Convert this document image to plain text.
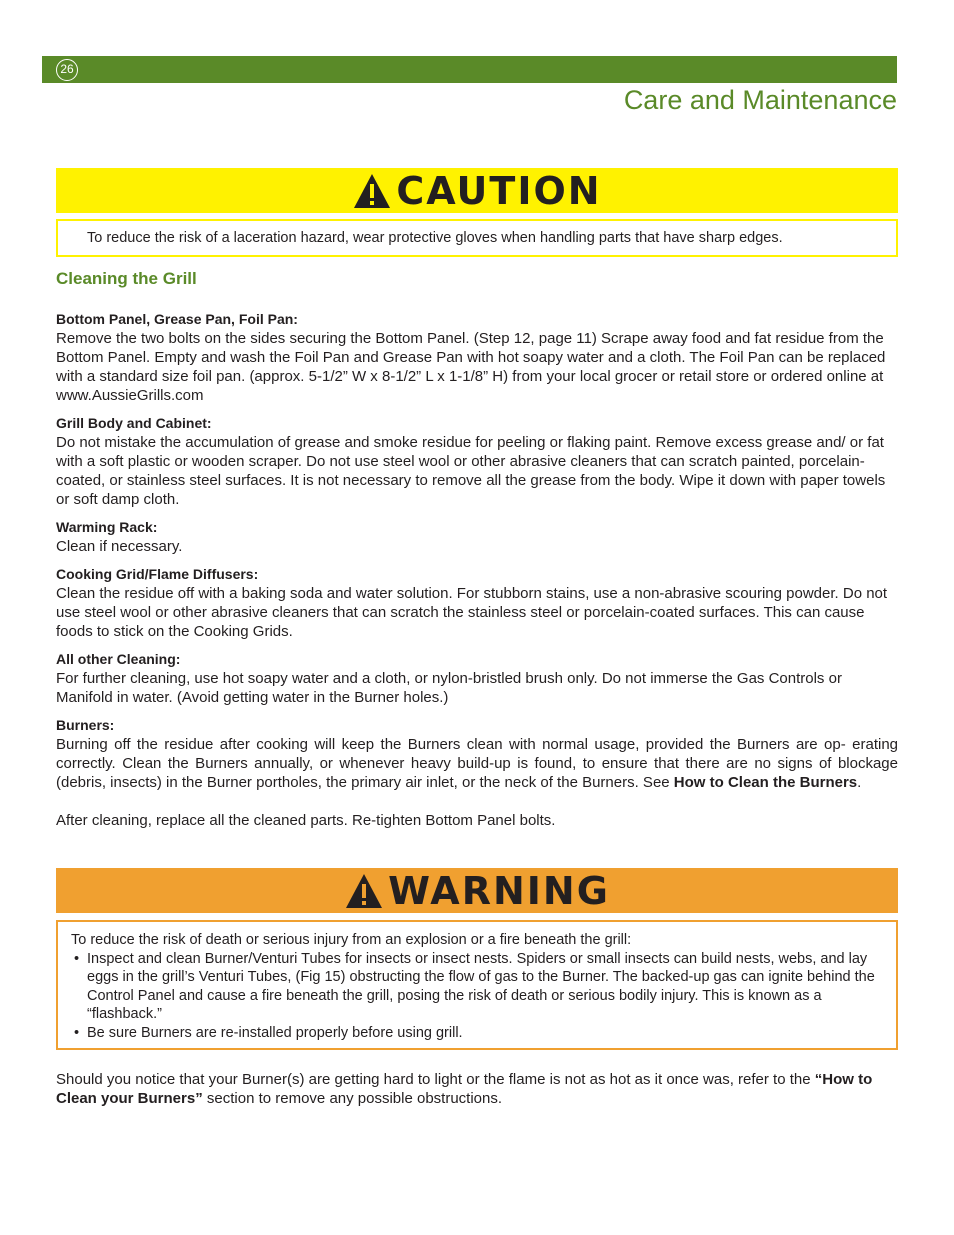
26
Care and Maintenance
CAUTION
To reduce the risk of a laceration hazard, wear protective gloves when handling parts that have sharp edges.
Cleaning the Grill
Bottom Panel, Grease Pan, Foil Pan:
Remove the two bolts on the sides securing the Bottom Panel. (Step 12, page 11) Scrape away food and fat residue from the Bottom Panel. Empty and wash the Foil Pan and Grease Pan with hot soapy water and a cloth. The Foil Pan can be replaced with a standard size foil pan. (approx. 5-1/2” W x 8-1/2” L x 1-1/8” H) from your local grocer or retail store or ordered online at www.AussieGrills.com
Grill Body and Cabinet:
Do not mistake the accumulation of grease and smoke residue for peeling or flaking paint. Remove excess grease and/ or fat with a soft plastic or wooden scraper. Do not use steel wool or other abrasive cleaners that can scratch painted, porcelain-coated, or stainless steel surfaces. It is not necessary to remove all the grease from the body. Wipe it down with paper towels or soft damp cloth.
Warming Rack:
Clean if necessary.
Cooking Grid/Flame Diffusers:
Clean the residue off with a baking soda and water solution. For stubborn stains, use a non-abrasive scouring powder. Do not use steel wool or other abrasive cleaners that can scratch the stainless steel or porcelain-coated surfaces. This can cause foods to stick on the Cooking Grids.
All other Cleaning:
For further cleaning, use hot soapy water and a cloth, or nylon-bristled brush only. Do not immerse the Gas Controls or Manifold in water. (Avoid getting water in the Burner holes.)
Burners:
Burning off the residue after cooking will keep the Burners clean with normal usage, provided the Burners are op- erating correctly. Clean the Burners annually, or whenever heavy build-up is found, to ensure that there are no signs of blockage (debris, insects) in the Burner portholes, the primary air inlet, or the neck of the Burners. See How to Clean the Burners.
After cleaning, replace all the cleaned parts. Re-tighten Bottom Panel bolts.
WARNING
To reduce the risk of death or serious injury from an explosion or a fire beneath the grill:
• Inspect and clean Burner/Venturi Tubes for insects or insect nests. Spiders or small insects can build nests, webs, and lay eggs in the grill’s Venturi Tubes, (Fig 15) obstructing the flow of gas to the Burner. The backed-up gas can ignite behind the Control Panel and cause a fire beneath the grill, posing the risk of death or serious bodily injury. This is known as a “flashback.”
• Be sure Burners are re-installed properly before using grill.
Should you notice that your Burner(s) are getting hard to light or the flame is not as hot as it once was, refer to the “How to Clean your Burners” section to remove any possible obstructions.
